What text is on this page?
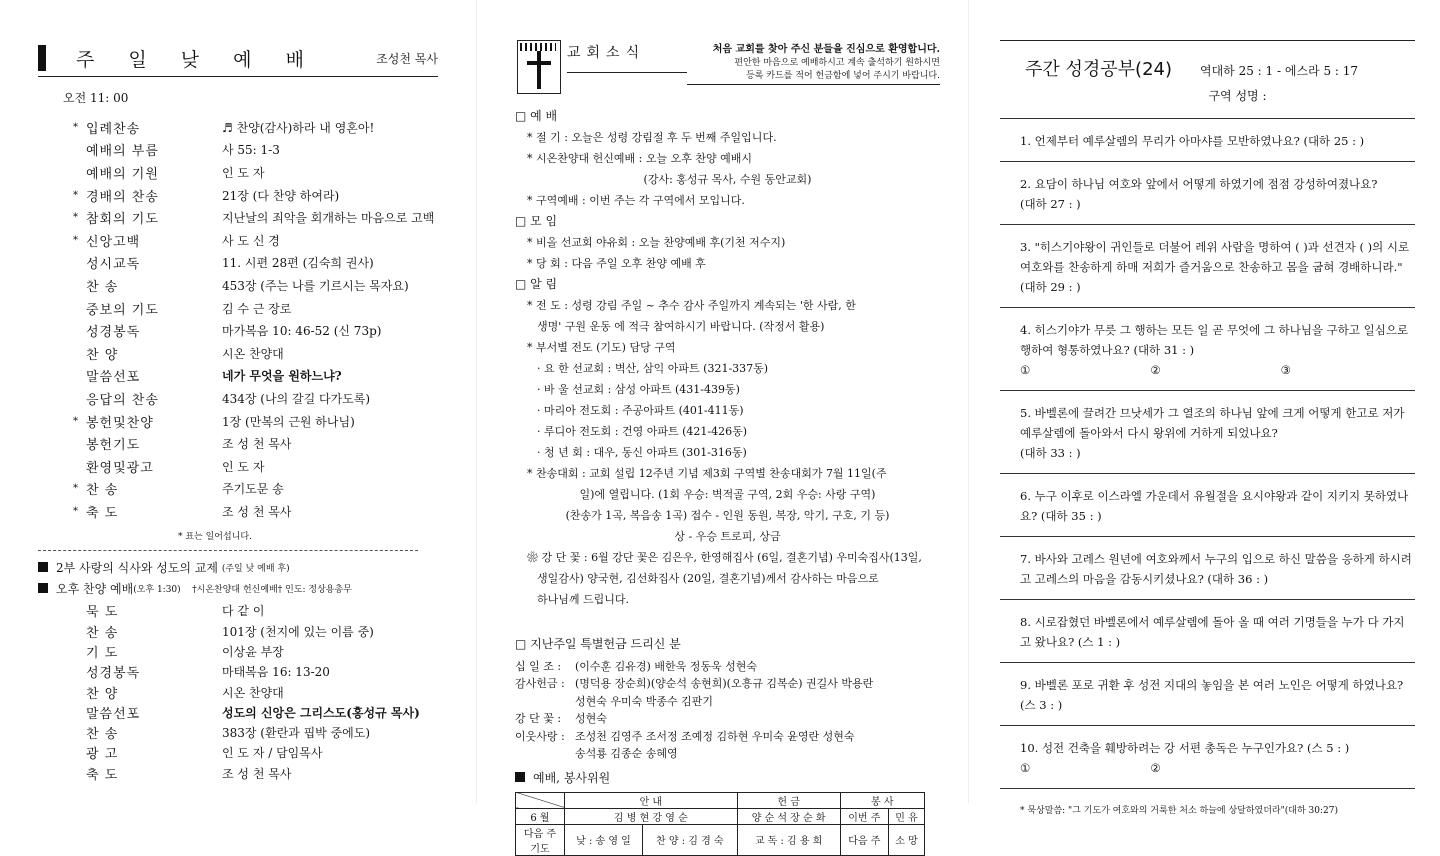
주 일 낮 예 배	조성천 목사
오전 11: 00
* 입례찬송	♬ 찬양(감사)하라 내 영혼아!
예배의 부름	사 55: 1-3
예배의 기원	인 도 자
* 경배의 찬송	21장 (다 찬양 하여라)
* 참회의 기도	지난날의 죄악을 회개하는 마음으로 고백
* 신앙고백	사 도 신 경
성시교독	11. 시편 28편 (김숙희 권사)
찬 송	453장 (주는 나를 기르시는 목자요)
중보의 기도	김 수 근 장로
성경봉독	마가복음 10: 46-52 (신 73p)
찬 양	시온 찬양대
말씀선포	네가 무엇을 원하느냐?
응답의 찬송	434장 (나의 갈길 다가도록)
* 봉헌및찬양	1장 (만복의 근원 하나님)
봉헌기도	조 성 천 목사
환영및광고	인 도 자
* 찬 송	주기도문 송
* 축 도	조 성 천 목사
* 표는 일어섭니다.
2부 사랑의 식사와 성도의 교제
(주일 낮 예배 후)
오후 찬양 예배 (오후 1:30)
†시온찬양대 헌신예배† 인도: 정상용총무
묵 도	다 같 이
찬 송	101장 (천지에 있는 이름 중)
기 도	이상윤 부장
성경봉독	마태복음 16: 13-20
찬 양	시온 찬양대
말씀선포	성도의 신앙은 그리스도(홍성규 목사)
찬 송	383장 (환란과 핍박 중에도)
광 고	인 도 자 / 담임목사
축 도	조 성 천 목사
교회소식	처음 교회를 찾아 주신 분들을 진심으로 환영합니다.
편안한 마음으로 예배하시고 계속 출석하기 원하시면
등록 카드를 적어 헌금함에 넣어 주시기 바랍니다.
□ 예 배
* 절 기 : 오늘은 성령 강림절 후 두 번째 주일입니다.
* 시온찬양대 헌신예배 : 오늘 오후 찬양 예배시
(강사: 홍성규 목사, 수원 동안교회)
* 구역예배 : 이번 주는 각 구역에서 모입니다.
□ 모 임
* 비올 선교회 야유회 : 오늘 찬양예배 후(기천 저수지)
* 당 회 : 다음 주일 오후 찬양 예배 후
□ 알 림
* 전 도 : 성령 강림 주일 ~ 추수 감사 주일까지 계속되는 '한 사람, 한
생명' 구원 운동 에 적극 참여하시기 바랍니다. (작정서 활용)
* 부서별 전도 (기도) 담당 구역
· 요 한 선교회 : 벽산, 삼익 아파트 (321-337동)
· 바 울 선교회 : 삼성 아파트 (431-439동)
· 마리아 전도회 : 주공아파트 (401-411동)
· 루디아 전도회 : 건영 아파트 (421-426동)
· 청 년 회 : 대우, 동신 아파트 (301-316동)
* 찬송대회 : 교회 설립 12주년 기념 제3회 구역별 찬송대회가 7월 11일(주
일)에 열립니다. (1회 우승: 벽적골 구역, 2회 우승: 사랑 구역)
(찬송가 1곡, 복음송 1곡) 접수 - 인원 동원, 복장, 악기, 구호, 기 등)
상 - 우승 트로피, 상금
❀ 강 단 꽃 : 6월 강단 꽃은 김은우, 한영해집사 (6일, 결혼기념) 우미숙집사(13일,
생일감사) 양국현, 김선화집사 (20일, 결혼기념)께서 감사하는 마음으로
하나님께 드립니다.
□ 지난주일 특별헌금 드리신 분
십 일 조 :	(이수훈 김유경) 배한욱 정동욱 성현숙
감사헌금 : (명덕용 장순희)(양순석 송현희)(오흥규 김복순) 권길사 박용란
성현숙 우미숙 박종수 김판기
강 단 꽃 :	성현숙
이웃사랑 : 조성천 김영주 조서정 조예정 김하현 우미숙 윤영란 성현숙
송석룡 김종순 송혜영
예배, 봉사위원
	안 내		헌 금	봉 사	
6 월	김 병 현 강 영 순		양 순 석 장 순 화	이번 주	민 유
다음 주 기도	낮 : 송 영 일	찬 양 : 김 경 숙	교 독 : 김 용 희	다음 주	소 망
주간 성경공부(24) 역대하 25 : 1 - 에스라 5 : 17
구역 성명 :
1. 언제부터 예루살렘의 무리가 아마샤를 모반하였나요? (대하 25 : )
2. 요담이 하나님 여호와 앞에서 어떻게 하였기에 점점 강성하여졌나요?
(대하 27 : )
3. "히스기야왕이 귀인들로 더불어 레위 사람을 명하여 ( )과 선견자 ( )의 시로 여호와를 찬송하게 하매 저희가 즐거움으로 찬송하고 몸을 굽혀 경배하니라."(대하 29 : )
4. 히스기야가 무릇 그 행하는 모든 일 곧 무엇에 그 하나님을 구하고 일심으로 행하여 형통하였나요? (대하 31 : )
①	②	③
5. 바벨론에 끌려간 므낫세가 그 열조의 하나님 앞에 크게 어떻게 한고로 저가 예루살렘에 돌아와서 다시 왕위에 거하게 되었나요?
(대하 33 : )
6. 누구 이후로 이스라엘 가운데서 유월절을 요시야왕과 같이 지키지 못하였나요? (대하 35 : )
7. 바사와 고레스 원년에 여호와께서 누구의 입으로 하신 말씀을 응하게 하시려고 고레스의 마음을 감동시키셨나요? (대하 36 : )
8. 시로잡혔던 바벨론에서 예루살렘에 돌아 올 때 여러 기명들을 누가 다 가지고 왔나요? (스 1 : )
9. 바벨론 포로 귀환 후 성전 지대의 놓임을 본 여러 노인은 어떻게 하였나요?
(스 3 : )
10. 성전 건축을 훼방하려는 강 서편 총독은 누구인가요? (스 5 : )
①	②
* 묵상말씀: "그 기도가 여호와의 거룩한 처소 하늘에 상달하였더라"(대하 30:27)
